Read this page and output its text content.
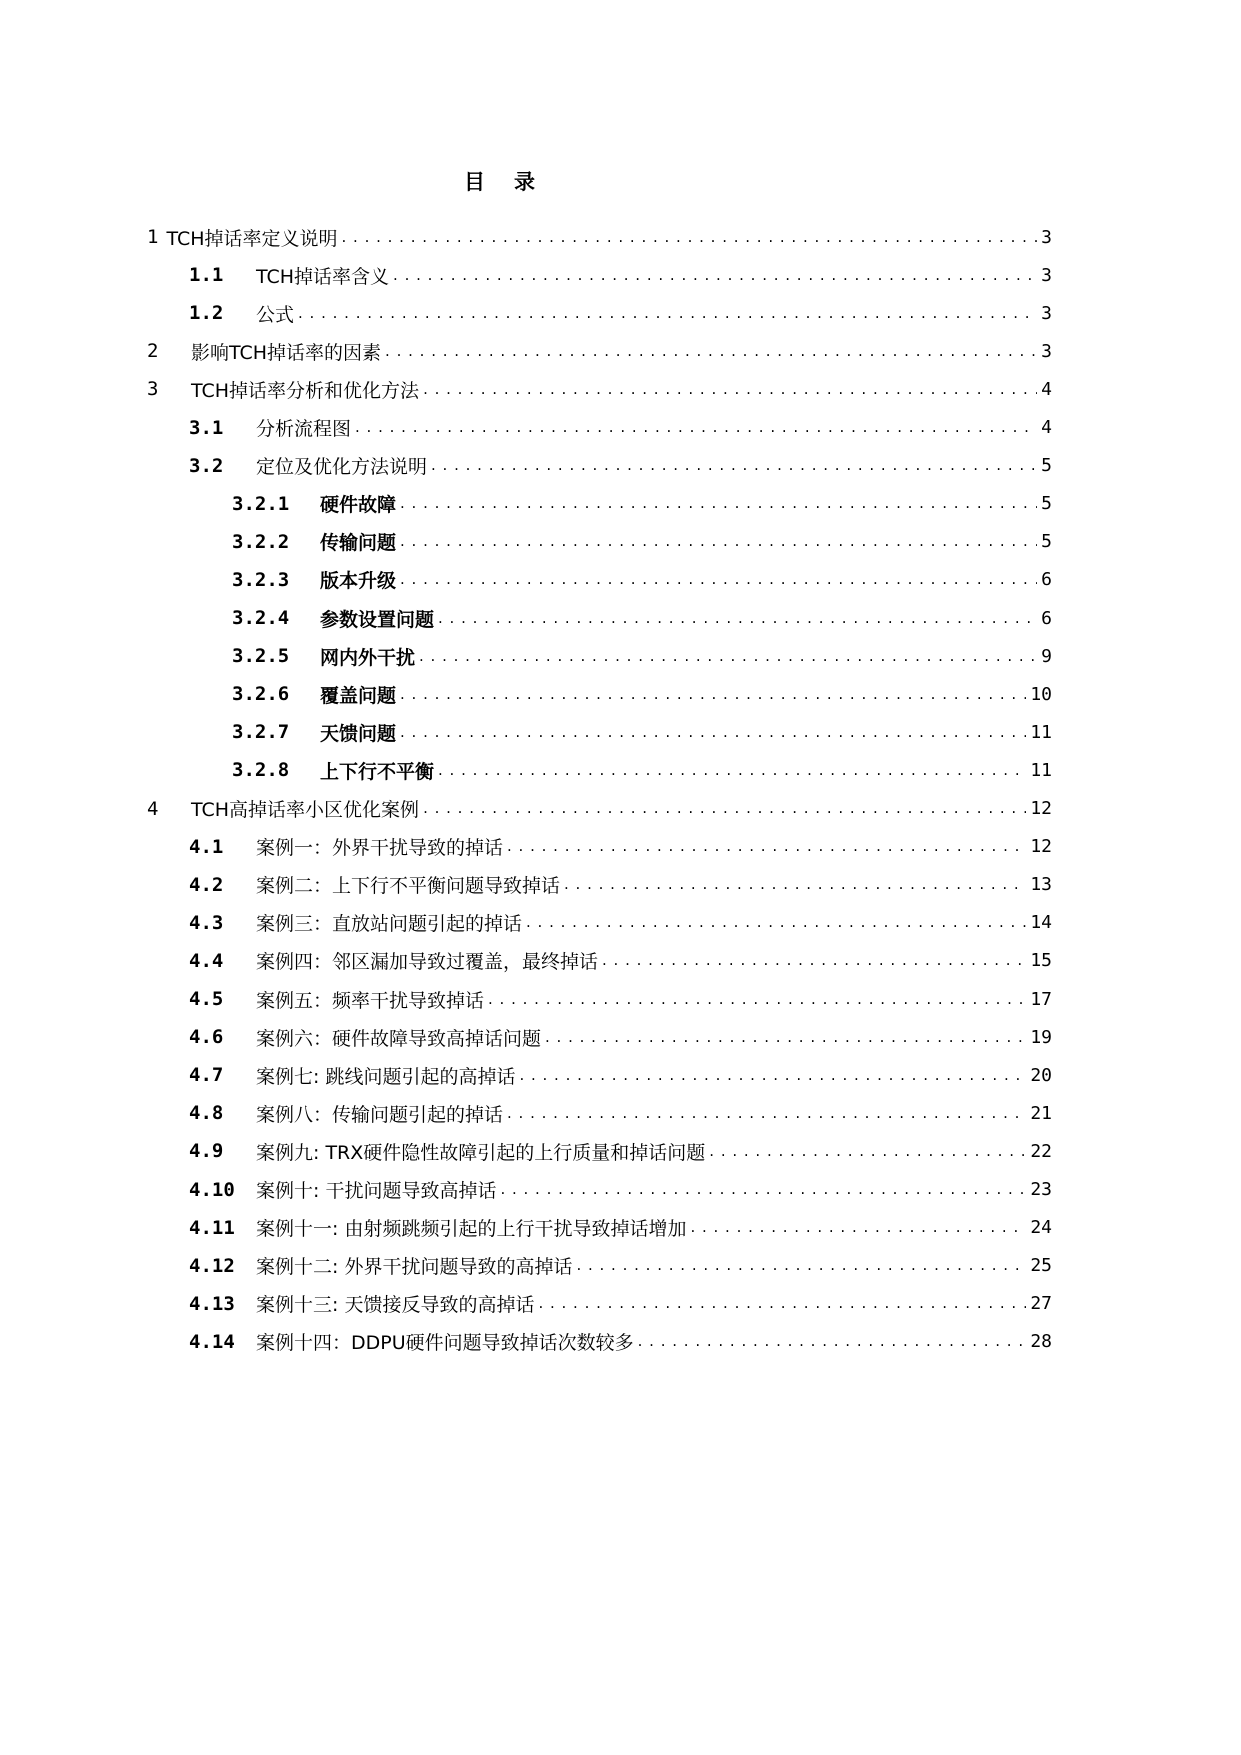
目 录
1 TCH掉话率定义说明 . . .	3
1.1	TCH掉话率含义 . . .	3
1.2	公式 . . .	3
2	影响TCH掉话率的因素 . . .	3
3	TCH掉话率分析和优化方法 . . .	4
3.1	分析流程图 . . .	4
3.2	定位及优化方法说明 . . .	5
3.2.1	硬件故障 . . .	5
3.2.2	传输问题 . . .	5
3.2.3	版本升级 . . .	6
3.2.4	参数设置问题 . . .	6
3.2.5	网内外干扰 . . .	9
3.2.6	覆盖问题 . . .	10
3.2.7	天馈问题 . . .	11
3.2.8	上下行不平衡 . . .	11
4	TCH高掉话率小区优化案例 . . .	12
4.1	案例一：外界干扰导致的掉话 . . .	12
4.2	案例二：上下行不平衡问题导致掉话 . . .	13
4.3	案例三：直放站问题引起的掉话 . . .	14
4.4	案例四：邻区漏加导致过覆盖，最终掉话 . . .	15
4.5	案例五：频率干扰导致掉话 . . .	17
4.6	案例六：硬件故障导致高掉话问题 . . .	19
4.7	案例七: 跳线问题引起的高掉话 . . .	20
4.8	案例八：传输问题引起的掉话 . . .	21
4.9	案例九: TRX硬件隐性故障引起的上行质量和掉话问题 . . .	22
4.10	案例十: 干扰问题导致高掉话 . . .	23
4.11	案例十一: 由射频跳频引起的上行干扰导致掉话增加 . . .	24
4.12	案例十二: 外界干扰问题导致的高掉话 . . .	25
4.13	案例十三: 天馈接反导致的高掉话 . . .	27
4.14	案例十四：DDPU硬件问题导致掉话次数较多 . . .	28
